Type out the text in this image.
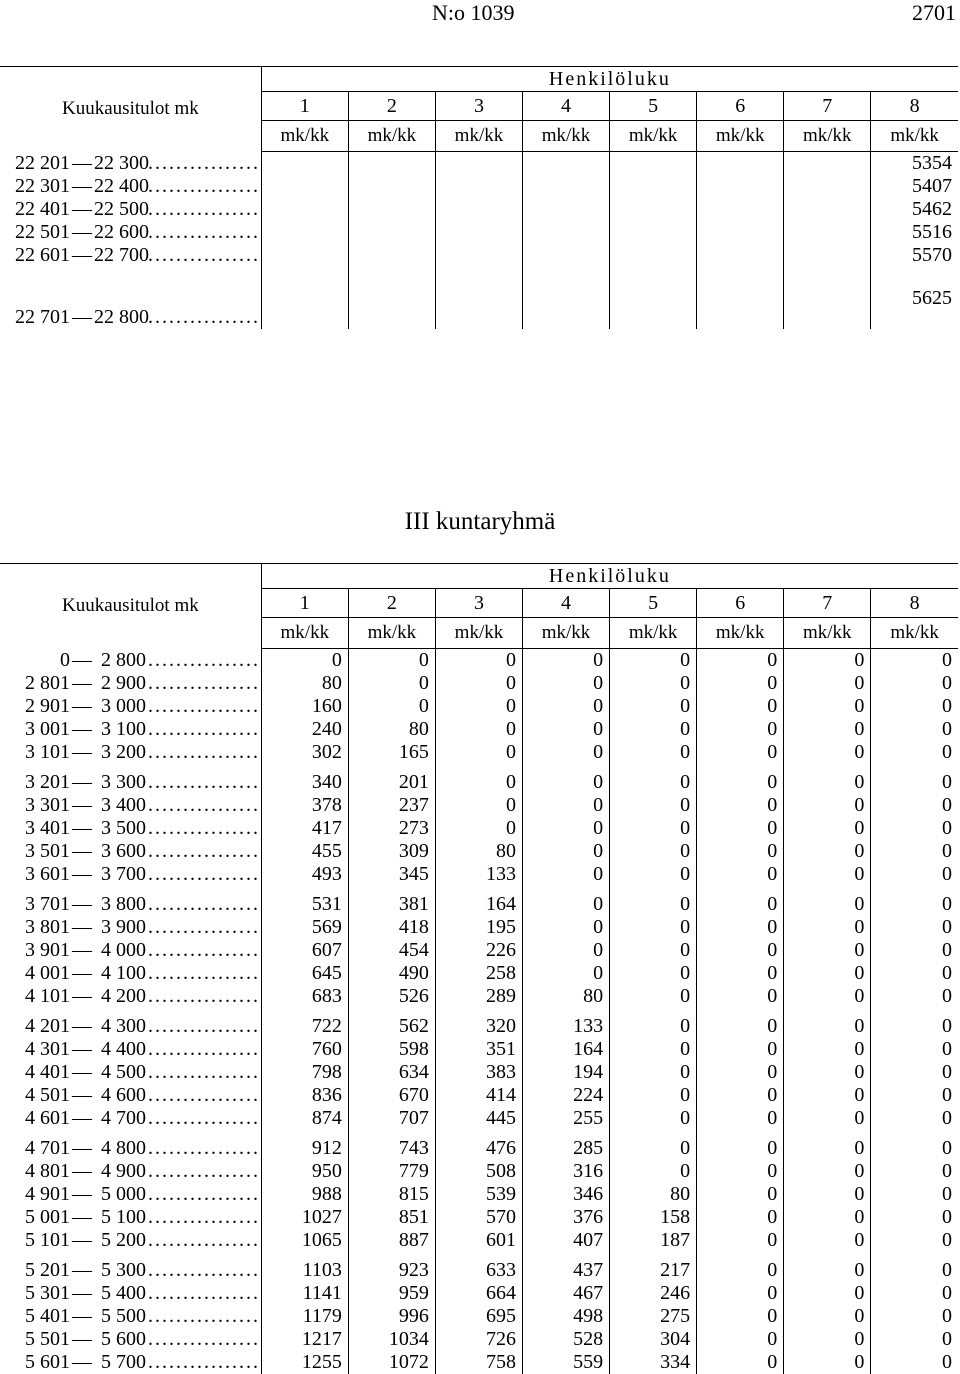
N:o 1039	2701
Kuukausitulot mk	Henkilöluku							
	1	2	3	4	5	6	7	8
	mk/kk	mk/kk	mk/kk	mk/kk	mk/kk	mk/kk	mk/kk	mk/kk

22 201 — 22 300
.....								5354

22 301 — 22 400
.....								5407

22 401 — 22 500
.....								5462

22 501 — 22 600
.....								5516

22 601 — 22 700
.....								5570

22 701 — 22 800
.....								5625
III kuntaryhmä
Kuukausitulot mk	Henkilöluku							
	1	2	3	4	5	6	7	8
	mk/kk	mk/kk	mk/kk	mk/kk	mk/kk	mk/kk	mk/kk	mk/kk

0 — 2 800
.....	0	0	0	0	0	0	0	0

2 801 — 2 900
.....	80	0	0	0	0	0	0	0

2 901 — 3 000
.....	160	0	0	0	0	0	0	0

3 001 — 3 100
.....	240	80	0	0	0	0	0	0

3 101 — 3 200
.....	302	165	0	0	0	0	0	0

3 201 — 3 300
.....	340	201	0	0	0	0	0	0

3 301 — 3 400
.....	378	237	0	0	0	0	0	0

3 401 — 3 500
.....	417	273	0	0	0	0	0	0

3 501 — 3 600
.....	455	309	80	0	0	0	0	0

3 601 — 3 700
.....	493	345	133	0	0	0	0	0

3 701 — 3 800
.....	531	381	164	0	0	0	0	0

3 801 — 3 900
.....	569	418	195	0	0	0	0	0

3 901 — 4 000
.....	607	454	226	0	0	0	0	0

4 001 — 4 100
.....	645	490	258	0	0	0	0	0

4 101 — 4 200
.....	683	526	289	80	0	0	0	0

4 201 — 4 300
.....	722	562	320	133	0	0	0	0

4 301 — 4 400
.....	760	598	351	164	0	0	0	0

4 401 — 4 500
.....	798	634	383	194	0	0	0	0

4 501 — 4 600
.....	836	670	414	224	0	0	0	0

4 601 — 4 700
.....	874	707	445	255	0	0	0	0

4 701 — 4 800
.....	912	743	476	285	0	0	0	0

4 801 — 4 900
.....	950	779	508	316	0	0	0	0

4 901 — 5 000
.....	988	815	539	346	80	0	0	0

5 001 — 5 100
.....	1027	851	570	376	158	0	0	0

5 101 — 5 200
.....	1065	887	601	407	187	0	0	0

5 201 — 5 300
.....	1103	923	633	437	217	0	0	0

5 301 — 5 400
.....	1141	959	664	467	246	0	0	0

5 401 — 5 500
.....	1179	996	695	498	275	0	0	0

5 501 — 5 600
.....	1217	1034	726	528	304	0	0	0

5 601 — 5 700
.....	1255	1072	758	559	334	0	0	0
